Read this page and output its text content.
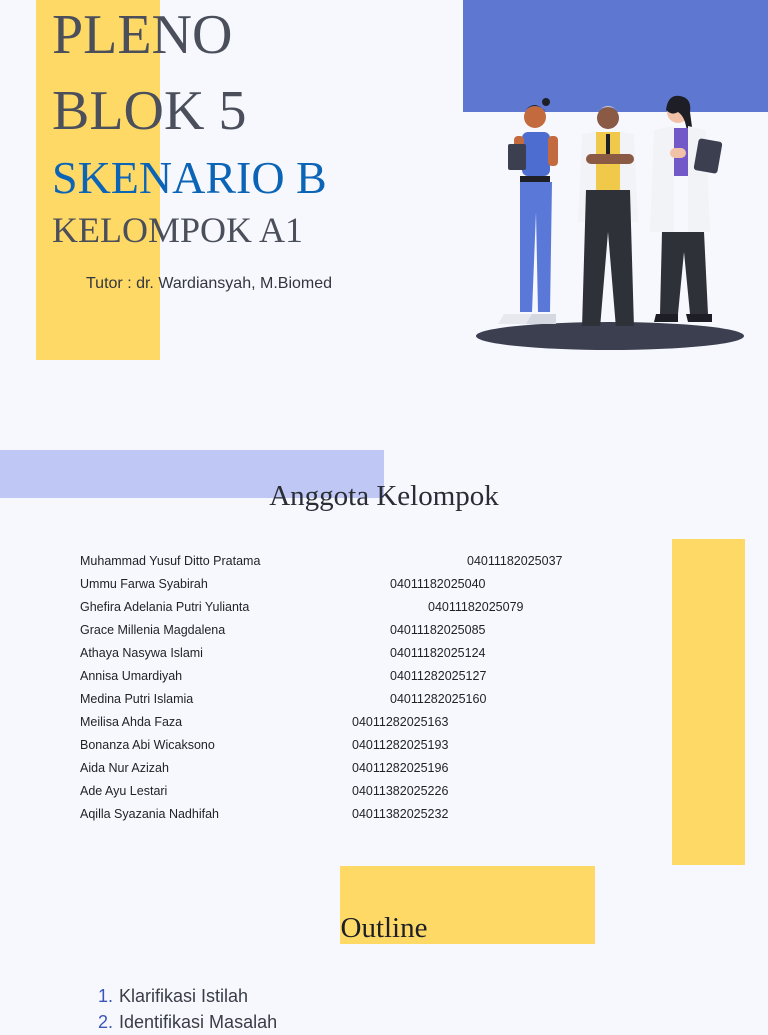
PLENO
BLOK 5
SKENARIO B
KELOMPOK A1
Tutor : dr. Wardiansyah, M.Biomed
Anggota Kelompok
Muhammad Yusuf Ditto Pratama	04011182025037
Ummu Farwa Syabirah	04011182025040
Ghefira Adelania Putri Yulianta	04011182025079
Grace Millenia Magdalena	04011182025085
Athaya Nasywa Islami	04011182025124
Annisa Umardiyah	04011282025127
Medina Putri Islamia	04011282025160
Meilisa Ahda Faza	04011282025163
Bonanza Abi Wicaksono	04011282025193
Aida Nur Azizah	04011282025196
Ade Ayu Lestari	04011382025226
Aqilla Syazania Nadhifah	04011382025232
Outline
1. Klarifikasi Istilah
2. Identifikasi Masalah
